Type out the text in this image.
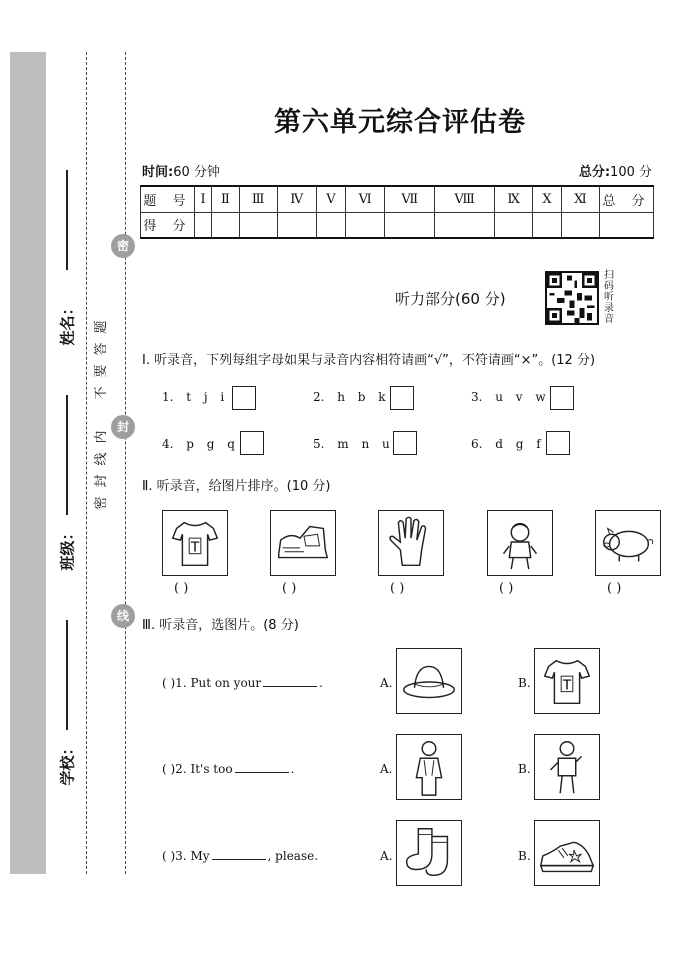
姓名：
班级：
学校：
密
封
线
题
答
要
不
内
线
封
密
第六单元综合评估卷
时间:60 分钟	总分:100 分
题 号	Ⅰ	Ⅱ	Ⅲ	Ⅳ	Ⅴ	Ⅵ	Ⅶ	Ⅷ	Ⅸ	Ⅹ	Ⅺ	总 分
得 分												
听力部分(60 分)
扫
码
听
录
音
Ⅰ. 听录音，下列每组字母如果与录音内容相符请画“√”，不符请画“×”。(12 分)
1. t j i	2. h b k	3. u v w
4. p g q	5. m n u	6. d g f
Ⅱ. 听录音，给图片排序。(10 分)
T
( )	( )	( )	( )	( )
Ⅲ. 听录音，选图片。(8 分)
( )1. Put on your	.	A.	B. T
( )2. It's too	.	A.	B.
( )3. My	, please.	A.	B.
